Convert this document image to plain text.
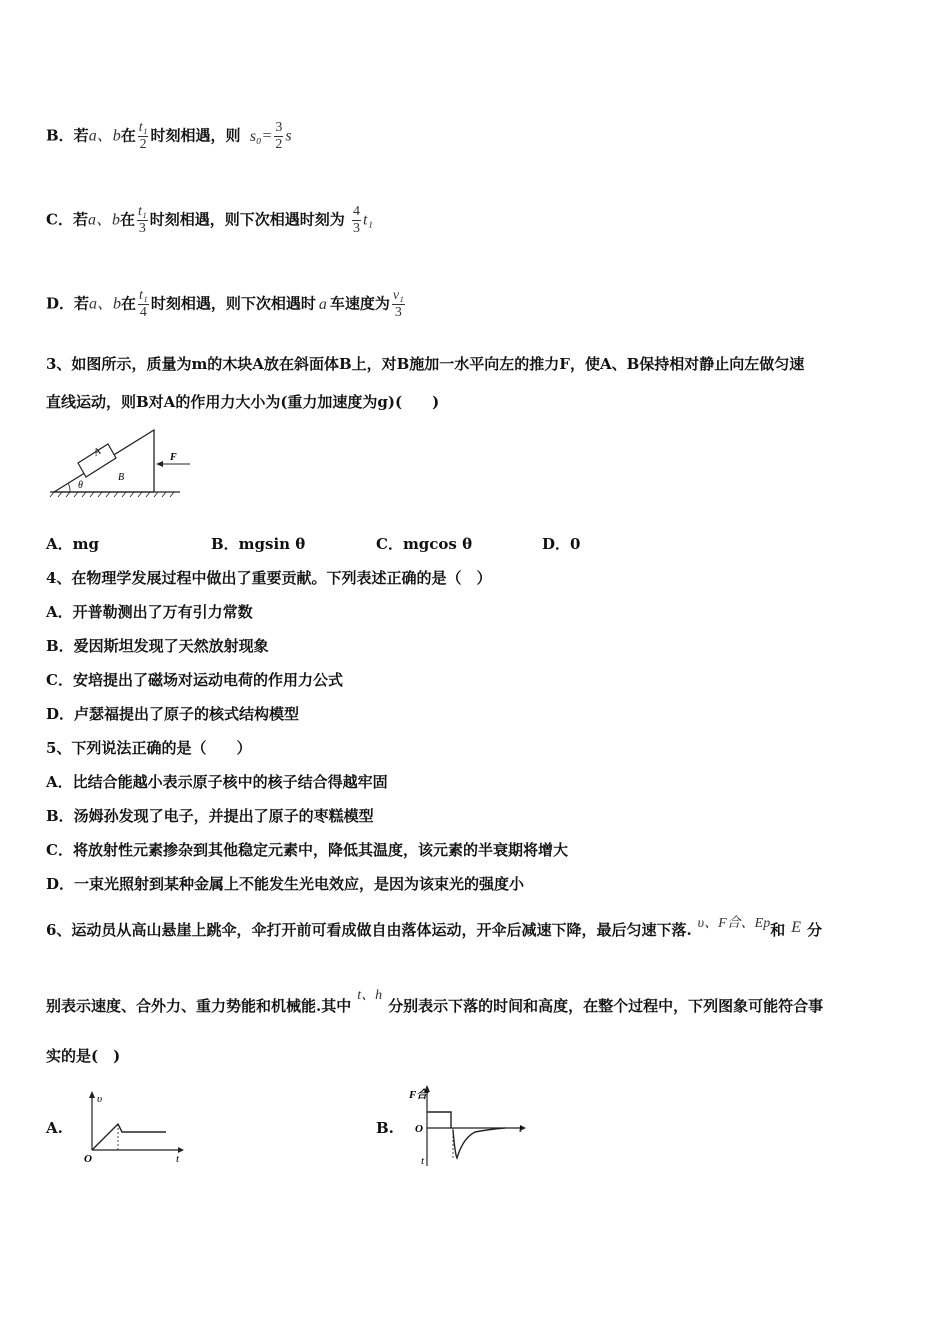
B．若a、b在 $\frac{\text{t₁}}{2}$ 时刻相遇，则 $s_0= \frac{3}{2}$ s
C．若a、b在 $\frac{\text{t₁}}{3}$ 时刻相遇，则下次相遇时刻为 $\frac{4}{3} t_1$
D．若a、b在 $\frac{\text{t₁}}{4}$ 时刻相遇，则下次相遇时 a 车速度为 $\frac{\text{v₁}}{3}$
3、如图所示，质量为m的木块A放在斜面体B上，对B施加一水平向左的推力F，使A、B保持相对静止向左做匀速
直线运动，则B对A的作用力大小为(重力加速度为g)(　　)
A
B
F
θ
A．mg	B．mgsin θ	C．mgcos θ	D．0
4、在物理学发展过程中做出了重要贡献。下列表述正确的是（　）
A．开普勒测出了万有引力常数
B．爱因斯坦发现了天然放射现象
C．安培提出了磁场对运动电荷的作用力公式
D．卢瑟福提出了原子的核式结构模型
5、下列说法正确的是（　　）
A．比结合能越小表示原子核中的核子结合得越牢固
B．汤姆孙发现了电子，并提出了原子的枣糕模型
C．将放射性元素掺杂到其他稳定元素中，降低其温度，该元素的半衰期将增大
D．一束光照射到某种金属上不能发生光电效应，是因为该束光的强度小
6、运动员从高山悬崖上跳伞，伞打开前可看成做自由落体运动，开伞后减速下降，最后匀速下落. υ、F合、Ep和 E 分
别表示速度、合外力、重力势能和机械能.其中t、h分别表示下落的时间和高度，在整个过程中，下列图象可能符合事
实的是(　)
A.
υ
t
O
B.
F合
t
O
t
